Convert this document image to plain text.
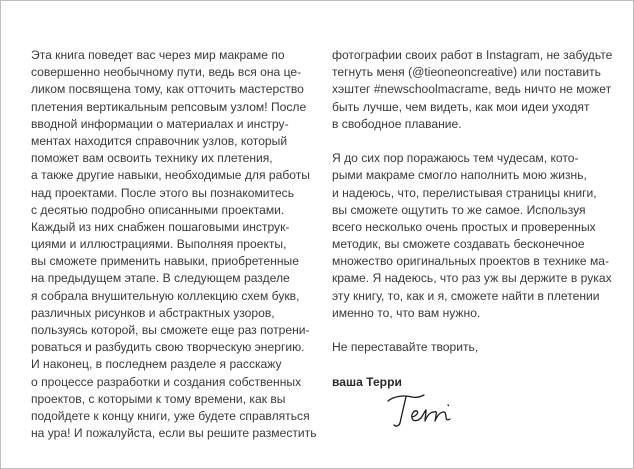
Эта книга поведет вас через мир макраме по
совершенно необычному пути, ведь вся она це-
ликом посвящена тому, как отточить мастерство
плетения вертикальным репсовым узлом! После
вводной информации о материалах и инстру-
ментах находится справочник узлов, который
поможет вам освоить технику их плетения,
а также другие навыки, необходимые для работы
над проектами. После этого вы познакомитесь
с десятью подробно описанными проектами.
Каждый из них снабжен пошаговыми инструк-
циями и иллюстрациями. Выполняя проекты,
вы сможете применить навыки, приобретенные
на предыдущем этапе. В следующем разделе
я собрала внушительную коллекцию схем букв,
различных рисунков и абстрактных узоров,
пользуясь которой, вы сможете еще раз потрени-
роваться и разбудить свою творческую энергию.
И наконец, в последнем разделе я расскажу
о процессе разработки и создания собственных
проектов, с которыми к тому времени, как вы
подойдете к концу книги, уже будете справляться
на ура! И пожалуйста, если вы решите разместить
фотографии своих работ в Instagram, не забудьте
тегнуть меня (@tieoneoncreative) или поставить
хэштег #newschoolmacrame, ведь ничто не может
быть лучше, чем видеть, как мои идеи уходят
в свободное плавание.
Я до сих пор поражаюсь тем чудесам, кото-
рыми макраме смогло наполнить мою жизнь,
и надеюсь, что, перелистывая страницы книги,
вы сможете ощутить то же самое. Используя
всего несколько очень простых и проверенных
методик, вы сможете создавать бесконечное
множество оригинальных проектов в технике ма-
краме. Я надеюсь, что раз уж вы держите в руках
эту книгу, то, как и я, сможете найти в плетении
именно то, что вам нужно.
Не переставайте творить,
ваша Терри
